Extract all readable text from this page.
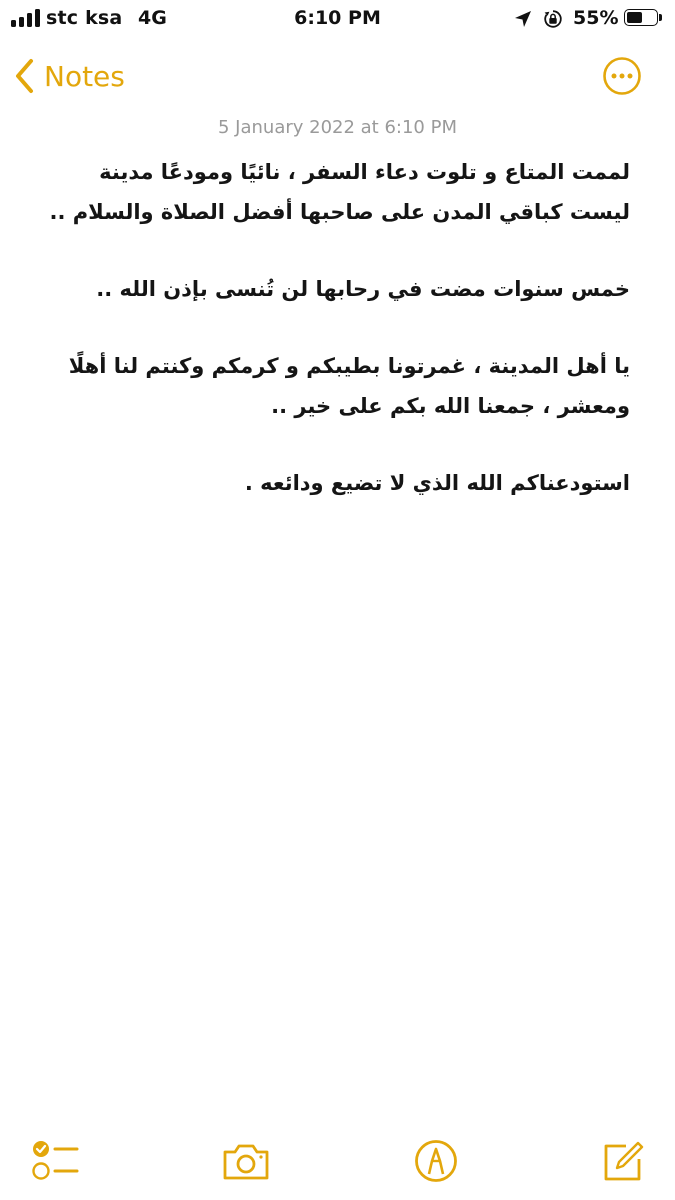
stc ksa 4G	6:10 PM	55%
Notes
5 January 2022 at 6:10 PM
لممت المتاع و تلوت دعاء السفر ، نائيًا ومودعًا مدينة
ليست كباقي المدن على صاحبها أفضل الصلاة والسلام ..
خمس سنوات مضت في رحابها لن تُنسى بإذن الله ..
يا أهل المدينة ، غمرتونا بطيبكم و كرمكم وكنتم لنا أهلًا
ومعشر ، جمعنا الله بكم على خير ..
استودعناكم الله الذي لا تضيع ودائعه .
